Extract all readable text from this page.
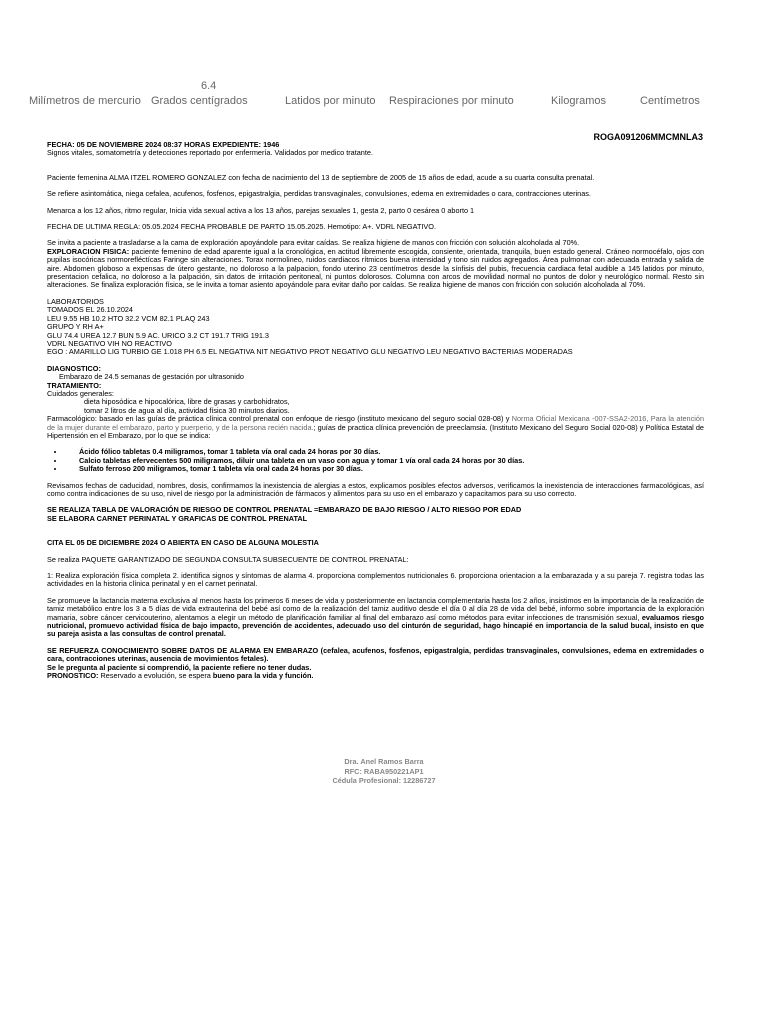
6.4
Milímetros de mercurio Grados centígrados	Latidos por minuto Respiraciones por minuto	Kilogramos	Centímetros
ROGA091206MMCMNLA3

FECHA: 05 DE NOVIEMBRE 2024 08:37 HORAS EXPEDIENTE: 1946

Signos vitales, somatometría y detecciones reportado por enfermería. Validados por medico tratante.

Paciente femenina ALMA ITZEL ROMERO GONZALEZ con fecha de nacimiento del 13 de septiembre de 2005 de 15 años de edad, acude a su cuarta consulta prenatal.

Se refiere asintomática, niega cefalea, acufenos, fosfenos, epigastralgia, perdidas transvaginales, convulsiones, edema en extremidades o cara, contracciones uterinas.

Menarca a los 12 años, ritmo regular, Inicia vida sexual activa a los 13 años, parejas sexuales 1, gesta 2, parto 0 cesárea 0 aborto 1

FECHA DE ULTIMA REGLA: 05.05.2024 FECHA PROBABLE DE PARTO 15.05.2025. Hemotipo: A+. VDRL NEGATIVO.

Se invita a paciente a trasladarse a la cama de exploración apoyándole para evitar caídas. Se realiza higiene de manos con fricción con solución alcoholada al 70%.

EXPLORACION FISICA: paciente femenino de edad aparente igual a la cronológica, en actitud libremente escogida, consiente, orientada, tranquila, buen estado general. Cráneo normocéfalo, ojos con pupilas isocóricas normorefléctícas Faringe sin alteraciones. Torax normolineo, ruidos cardiacos rítmicos buena intensidad y tono sin ruidos agregados. Área pulmonar con adecuada entrada y salida de aire. Abdomen globoso a expensas de útero gestante, no doloroso a la palpacion, fondo uterino 23 centímetros desde la sínfisis del pubis, frecuencia cardiaca fetal audible a 145 latidos por minuto, presentacion cefalica, no doloroso a la palpación, sin datos de irritación peritoneal, ni puntos dolorosos. Columna con arcos de movilidad normal no puntos de dolor y neurológico normal. Resto sin alteraciones. Se finaliza exploración física, se le invita a tomar asiento apoyándole para evitar daño por caídas. Se realiza higiene de manos con fricción con solución alcoholada al 70%.

LABORATORIOS

TOMADOS EL 26.10.2024

LEU 9.55 HB 10.2 HTO 32.2 VCM 82.1 PLAQ 243

GRUPO Y RH A+

GLU 74.4 UREA 12.7 BUN 5.9 AC. URICO 3.2 CT 191.7 TRIG 191.3

VDRL NEGATIVO VIH NO REACTIVO

EGO : AMARILLO LIG TURBIO GE 1.018 PH 6.5 EL NEGATIVA NIT NEGATIVO PROT NEGATIVO GLU NEGATIVO LEU NEGATIVO BACTERIAS MODERADAS

DIAGNOSTICO:

Embarazo de 24.5 semanas de gestación por ultrasonido

TRATAMIENTO:

Cuidados generales:

dieta hiposódica e hipocalórica, libre de grasas y carbohidratos,

tomar 2 litros de agua al día, actividad física 30 minutos diarios.

Farmacológico: basado en las guías de práctica clínica control prenatal con enfoque de riesgo (instituto mexicano del seguro social 028-08) y Norma Oficial Mexicana -007-SSA2-2016, Para la atención de la mujer durante el embarazo, parto y puerperio, y de la persona recién nacida.; guías de practica clínica prevención de preeclamsia. (Instituto Mexicano del Seguro Social 020-08) y Política Estatal de Hipertensión en el Embarazo, por lo que se indica:

• Ácido fólico tabletas 0.4 miligramos, tomar 1 tableta vía oral cada 24 horas por 30 días.
• Calcio tabletas efervecentes 500 miligramos, diluir una tableta en un vaso con agua y tomar 1 vía oral cada 24 horas por 30 días.
• Sulfato ferroso 200 miligramos, tomar 1 tableta vía oral cada 24 horas por 30 días.

Revisamos fechas de caducidad, nombres, dosis, confirmamos la inexistencia de alergias a estos, explicamos posibles efectos adversos, verificamos la inexistencia de interacciones farmacológicas, así como contra indicaciones de su uso, nivel de riesgo por la administración de fármacos y alimentos para su uso en el embarazo y capacitamos para su uso correcto.

SE REALIZA TABLA DE VALORACIÓN DE RIESGO DE CONTROL PRENATAL =EMBARAZO DE BAJO RIESGO / ALTO RIESGO POR EDAD

SE ELABORA CARNET PERINATAL Y GRAFICAS DE CONTROL PRENATAL

CITA EL 05 DE DICIEMBRE 2024 O ABIERTA EN CASO DE ALGUNA MOLESTIA

Se realiza PAQUETE GARANTIZADO DE SEGUNDA CONSULTA SUBSECUENTE DE CONTROL PRENATAL:

1: Realiza exploración física completa 2. identifica signos y síntomas de alarma 4. proporciona complementos nutricionales 6. proporciona orientacion a la embarazada y a su pareja 7. registra todas las actividades en la historia clínica perinatal y en el carnet perinatal.

Se promueve la lactancia materna exclusiva al menos hasta los primeros 6 meses de vida y posteriormente en lactancia complementaria hasta los 2 años, insistimos en la importancia de la realización de tamiz metabólico entre los 3 a 5 días de vida extrauterina del bebé así como de la realización del tamiz auditivo desde el día 0 al día 28 de vida del bebé, informo sobre importancia de la exploración mamaria, sobre cáncer cervicouterino, alentamos a elegir un método de planificación familiar al final del embarazo así como métodos para evitar infecciones de transmisión sexual, evaluamos riesgo nutricional, promuevo actividad física de bajo impacto, prevención de accidentes, adecuado uso del cinturón de seguridad, hago hincapié en importancia de la salud bucal, insisto en que su pareja asista a las consultas de control prenatal.

SE REFUERZA CONOCIMIENTO SOBRE DATOS DE ALARMA EN EMBARAZO (cefalea, acufenos, fosfenos, epigastralgia, perdidas transvaginales, convulsiones, edema en extremidades o cara, contracciones uterinas, ausencia de movimientos fetales).

Se le pregunta al paciente si comprendió, la paciente refiere no tener dudas.

PRONOSTICO: Reservado a evolución, se espera bueno para la vida y función.

Dra. Anel Ramos Barra
RFC: RABA950221AP1
Cédula Profesional: 12286727
